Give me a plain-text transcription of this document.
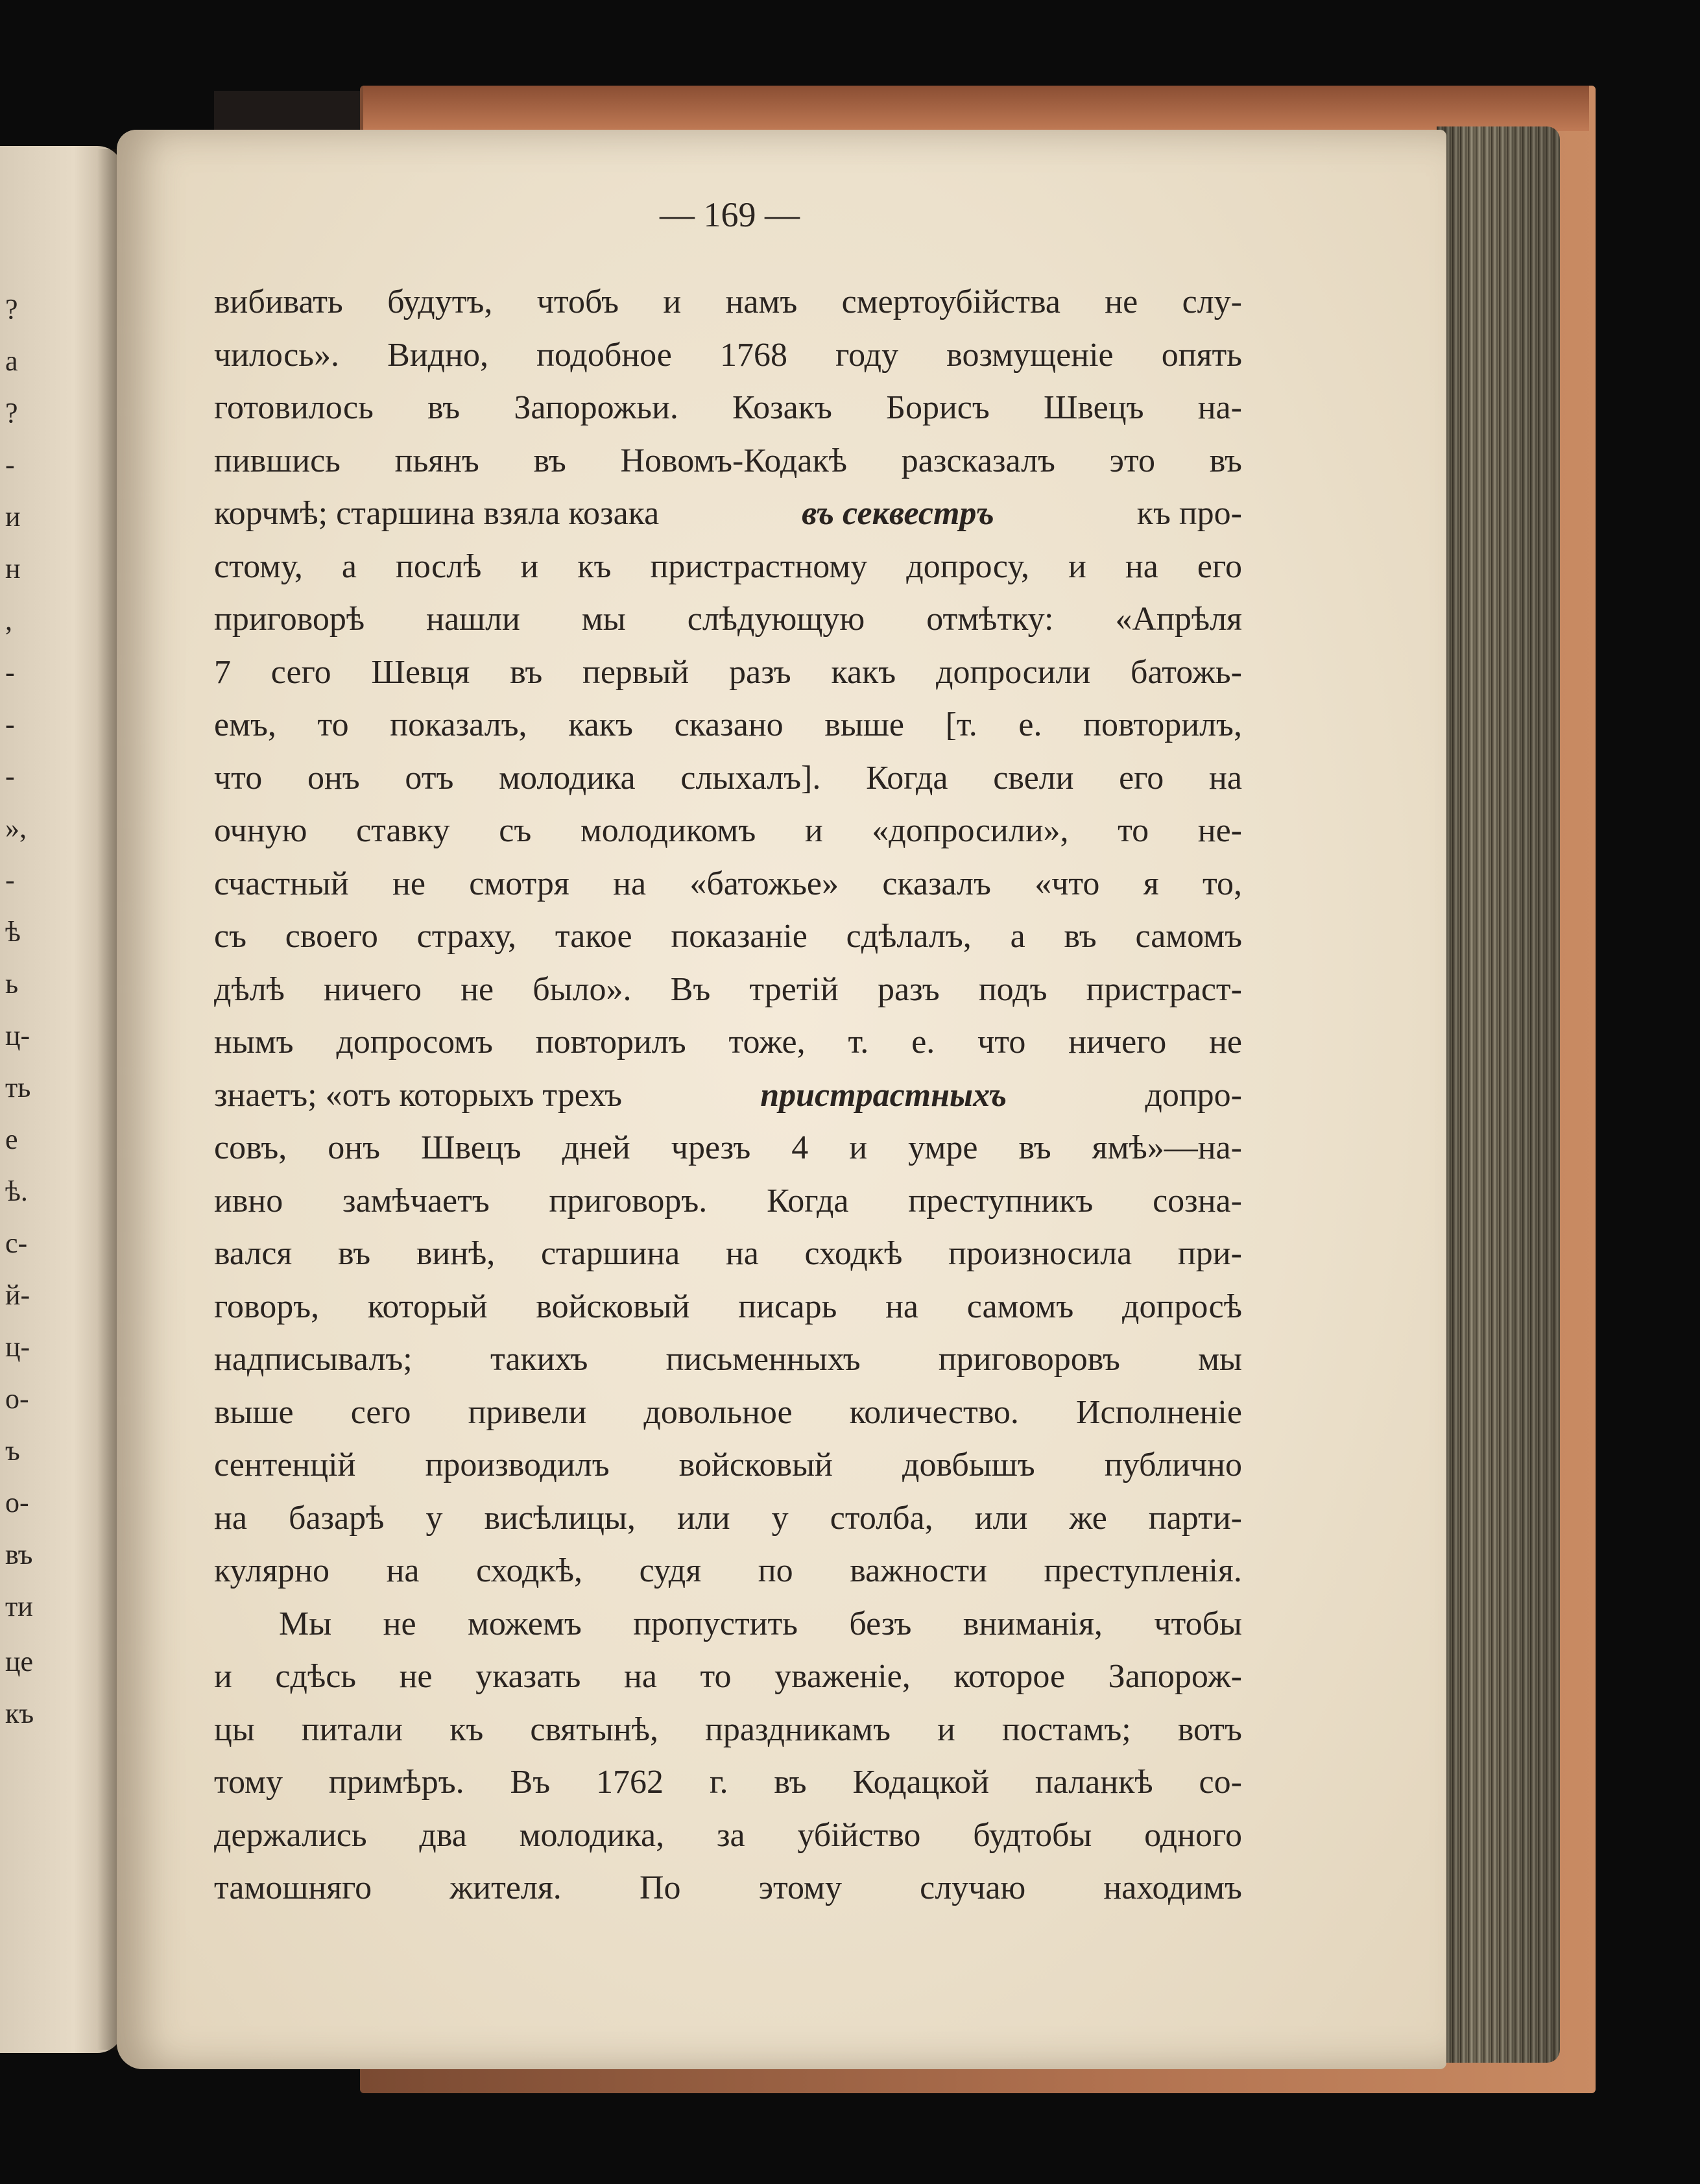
?
a
?
-
и
н
,
-
-
-
»,
-
ѣ
ь
ц-
ть
е
ѣ.
с-
й-
ц-
о-
ъ
о-
въ
ти
це
къ
— 169 —
вибивать будутъ, чтобъ и намъ смертоубійства не слу-
чилось». Видно, подобное 1768 году возмущеніе опять
готовилось въ Запорожьи. Козакъ Борисъ Швецъ на-
пившись пьянъ въ Новомъ-Кодакѣ разсказалъ это въ
корчмѣ; старшина взяла козака	въ секвестръ	къ про-
стому, а послѣ и къ пристрастному допросу, и на его
приговорѣ нашли мы слѣдующую отмѣтку: «Апрѣля
7 сего Шевця въ первый разъ какъ допросили батожь-
емъ, то показалъ, какъ сказано выше [т. е. повторилъ,
что онъ отъ молодика слыхалъ]. Когда свели его на
очную ставку съ молодикомъ и «допросили», то не-
счастный не смотря на «батожье» сказалъ «что я то,
съ своего страху, такое показаніе сдѣлалъ, а въ самомъ
дѣлѣ ничего не было». Въ третій разъ подъ пристраст-
нымъ допросомъ повторилъ тоже, т. е. что ничего не
знаетъ; «отъ которыхъ трехъ	пристрастныхъ	допро-
совъ, онъ Швецъ дней чрезъ 4 и умре въ ямѣ»—на-
ивно замѣчаетъ приговоръ. Когда преступникъ созна-
вался въ винѣ, старшина на сходкѣ произносила при-
говоръ, который войсковый писарь на самомъ допросѣ
надписывалъ; такихъ письменныхъ приговоровъ мы
выше сего привели довольное количество. Исполненіе
сентенцій производилъ войсковый довбышъ публично
на базарѣ у висѣлицы, или у столба, или же парти-
кулярно на сходкѣ, судя по важности преступленія.
Мы не можемъ пропустить безъ вниманія, чтобы
и сдѣсь не указать на то уваженіе, которое Запорож-
цы питали къ святынѣ, праздникамъ и постамъ; вотъ
тому примѣръ. Въ 1762 г. въ Кодацкой паланкѣ со-
держались два молодика, за убійство будтобы одного
тамошняго жителя. По этому случаю находимъ
